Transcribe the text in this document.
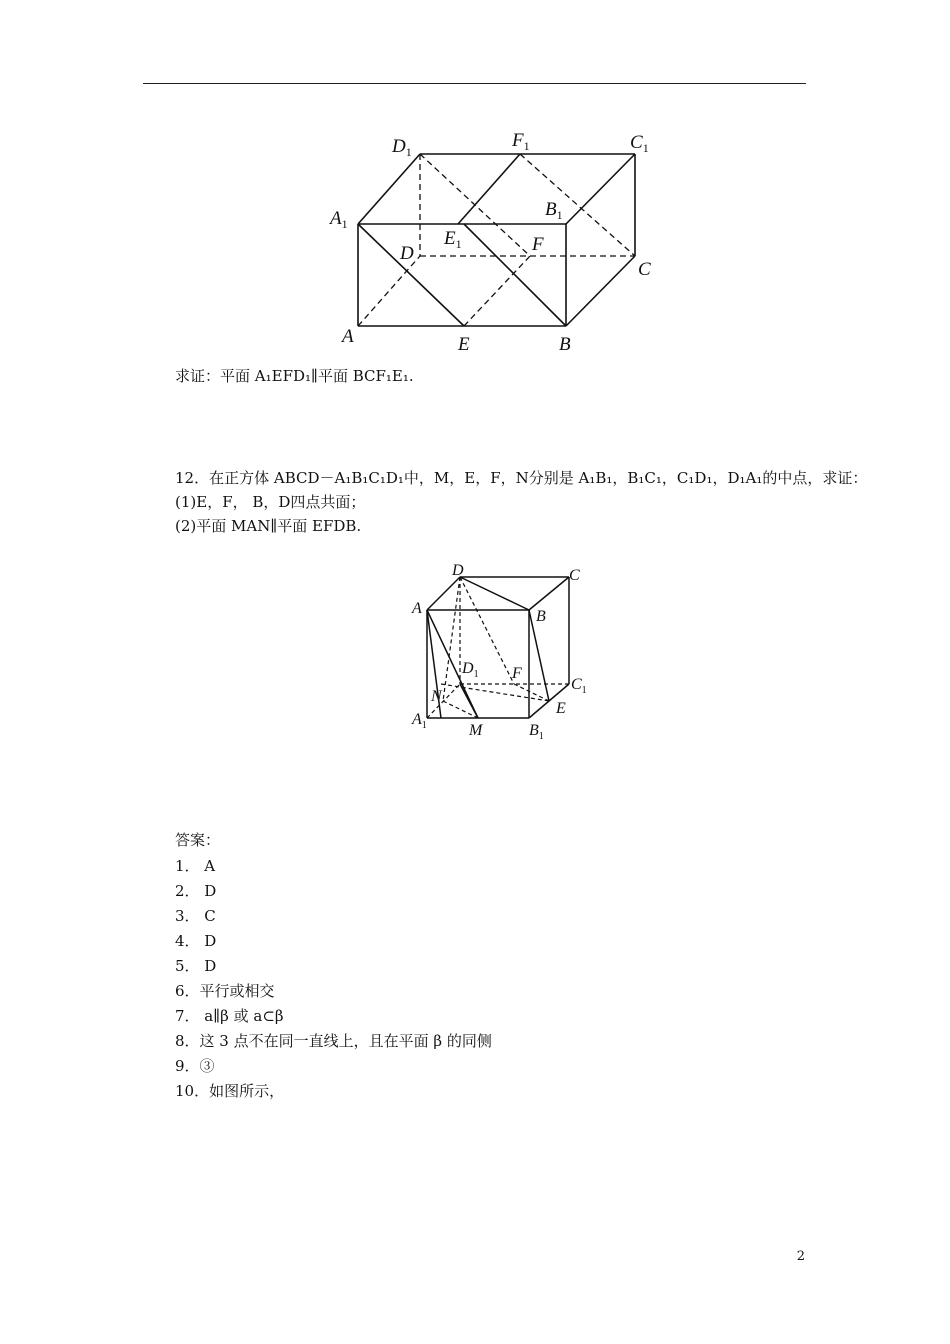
$D_1$
$F_1$	$C_1$
$A_1$
$B_1$
$E_1$
D	F
C
A	E	B
求证：平面 A₁EFD₁∥平面 BCF₁E₁.
12．在正方体 ABCD－A₁B₁C₁D₁中，M，E，F，N分别是 A₁B₁，B₁C₁，C₁D₁，D₁A₁的中点，求证：
(1)E，F， B，D四点共面；
(2)平面 MAN∥平面 EFDB.
D	C
A	B
$D_1$ F
$C_1$
N
E
$A_1$	M	$B_1$
答案：
1． A
2． D
3． C
4． D
5． D
6．平行或相交
7． a∥β 或 a⊂β
8．这 3 点不在同一直线上，且在平面 β 的同侧
9．③
10．如图所示，
2
